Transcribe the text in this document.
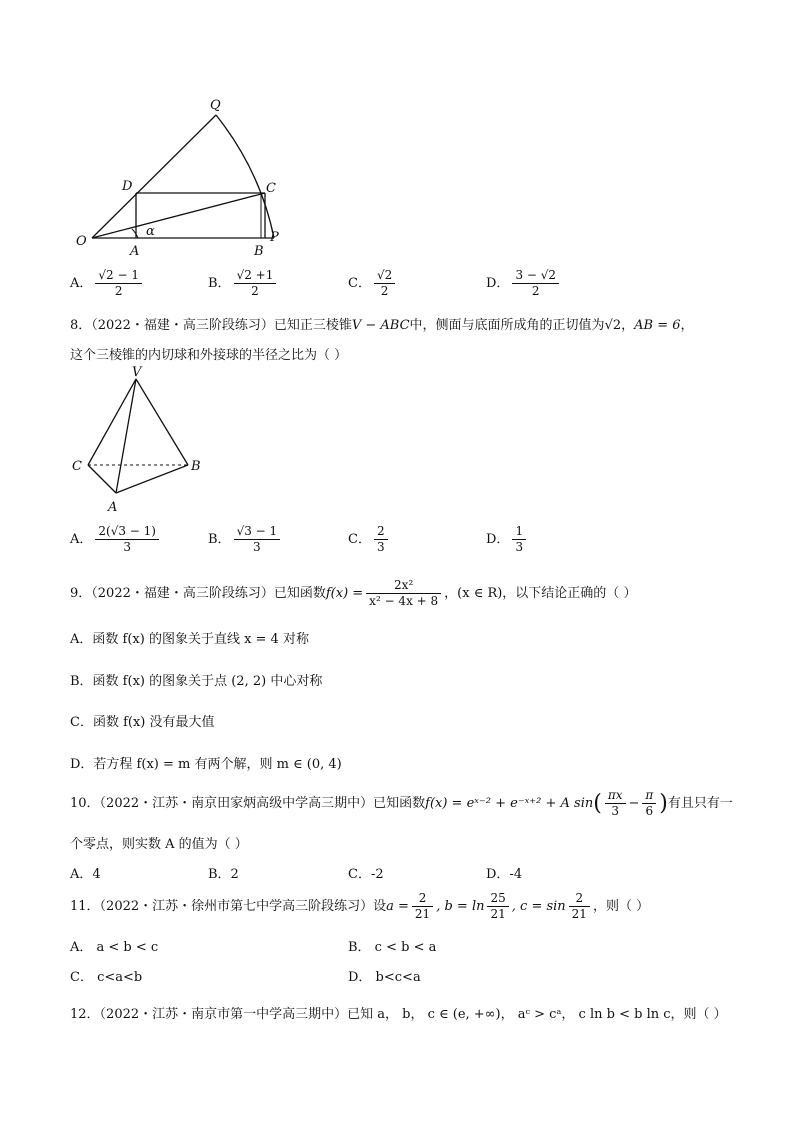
Q
D	C
O
α
A	B
P
A． $\frac{√2 - 1}{2}$	B． $\frac{√2 +1}{2}$	C． $\frac{√2}{2}$	D． $\frac{3 - √2}{2}$
8．（2022・福建・高三阶段练习）已知正三棱锥V − ABC中，侧面与底面所成角的正切值为√2，AB = 6，
这个三棱锥的内切球和外接球的半径之比为（ ）
V
C	B
A
A． $\frac{2(√3 - 1)}{3}$	B． $\frac{√3 - 1}{3}$	C． $\frac{2}{3}$	D． $\frac{1}{3}$
9．（2022・福建・高三阶段练习）已知函数$f(x) = \frac{\text{2x²}}{\text{x² − 4x + 8}}$ ，(x ∈ R)，以下结论正确的（ ）
A．函数 f(x) 的图象关于直线 x = 4 对称
B．函数 f(x) 的图象关于点 (2, 2) 中心对称
C．函数 f(x) 没有最大值
D．若方程 f(x) = m 有两个解，则 m ∈ (0, 4)
10．（2022・江苏・南京田家炳高级中学高三期中）已知函数f(x) = eˣ⁻² + e⁻ˣ⁺² + A $\sin( \frac{\pi x}{3} - \frac{\pi}{6}$ )有且只有一
个零点，则实数 A 的值为（ ）
A．4	B．2	C．-2	D．-4
11．（2022・江苏・徐州市第七中学高三阶段练习）设$a = \frac{2}{21}$ , $b = \ln \frac{25}{21}$ , $c = \sin \frac{2}{21}$ ，则（ ）
A． a < b < c	B． c < b < a
C． c<a<b	D． b<c<a
12．（2022・江苏・南京市第一中学高三期中）已知 a， b， c ∈ (e, +∞)， aᶜ > cᵃ， c ln b < b ln c，则（ ）
